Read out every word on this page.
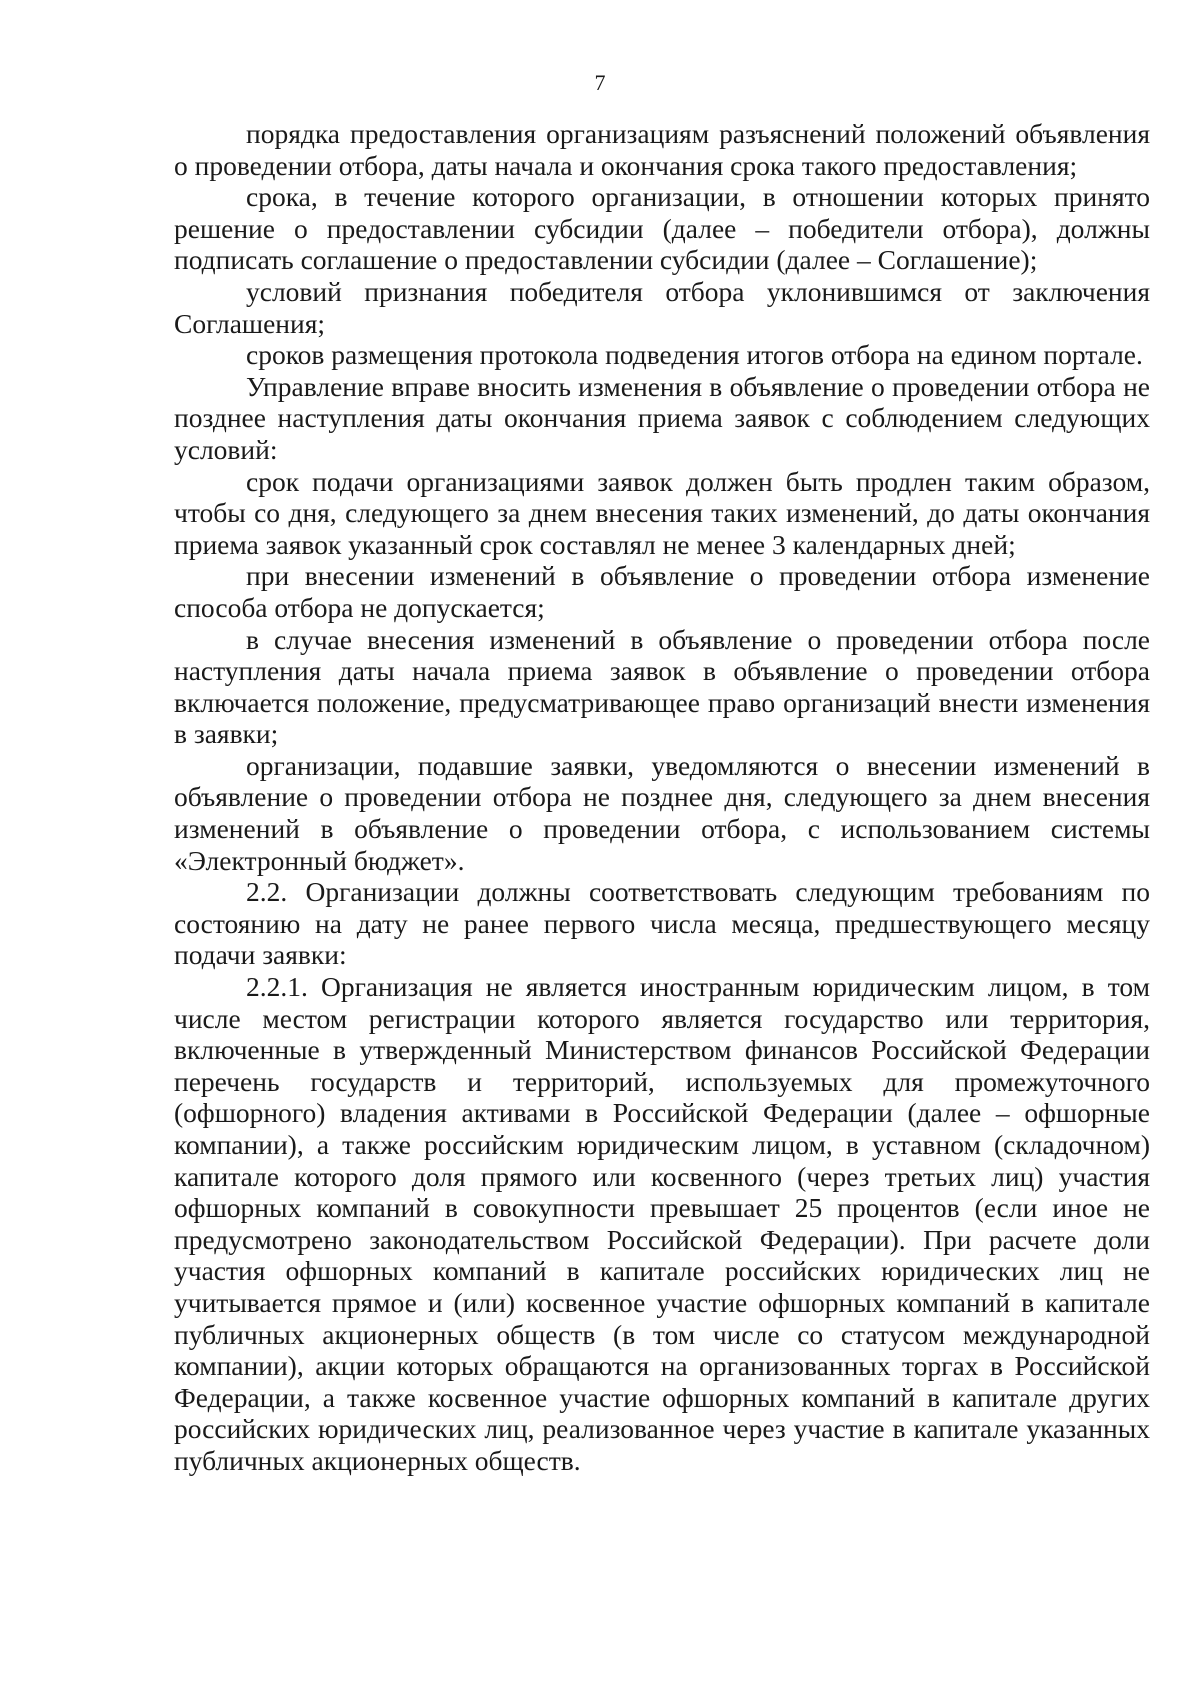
7

порядка предоставления организациям разъяснений положений объявления о проведении отбора, даты начала и окончания срока такого предоставления;

срока, в течение которого организации, в отношении которых принято решение о предоставлении субсидии (далее – победители отбора), должны подписать соглашение о предоставлении субсидии (далее – Соглашение);

условий признания победителя отбора уклонившимся от заключения Соглашения;

сроков размещения протокола подведения итогов отбора на едином портале.

Управление вправе вносить изменения в объявление о проведении отбора не позднее наступления даты окончания приема заявок с соблюдением следующих условий:

срок подачи организациями заявок должен быть продлен таким образом, чтобы со дня, следующего за днем внесения таких изменений, до даты окончания приема заявок указанный срок составлял не менее 3 календарных дней;

при внесении изменений в объявление о проведении отбора изменение способа отбора не допускается;

в случае внесения изменений в объявление о проведении отбора после наступления даты начала приема заявок в объявление о проведении отбора включается положение, предусматривающее право организаций внести изменения в заявки;

организации, подавшие заявки, уведомляются о внесении изменений в объявление о проведении отбора не позднее дня, следующего за днем внесения изменений в объявление о проведении отбора, с использованием системы «Электронный бюджет».

2.2. Организации должны соответствовать следующим требованиям по состоянию на дату не ранее первого числа месяца, предшествующего месяцу подачи заявки:

2.2.1. Организация не является иностранным юридическим лицом, в том числе местом регистрации которого является государство или территория, включенные в утвержденный Министерством финансов Российской Федерации перечень государств и территорий, используемых для промежуточного (офшорного) владения активами в Российской Федерации (далее – офшорные компании), а также российским юридическим лицом, в уставном (складочном) капитале которого доля прямого или косвенного (через третьих лиц) участия офшорных компаний в совокупности превышает 25 процентов (если иное не предусмотрено законодательством Российской Федерации). При расчете доли участия офшорных компаний в капитале российских юридических лиц не учитывается прямое и (или) косвенное участие офшорных компаний в капитале публичных акционерных обществ (в том числе со статусом международной компании), акции которых обращаются на организованных торгах в Российской Федерации, а также косвенное участие офшорных компаний в капитале других российских юридических лиц, реализованное через участие в капитале указанных публичных акционерных обществ.
